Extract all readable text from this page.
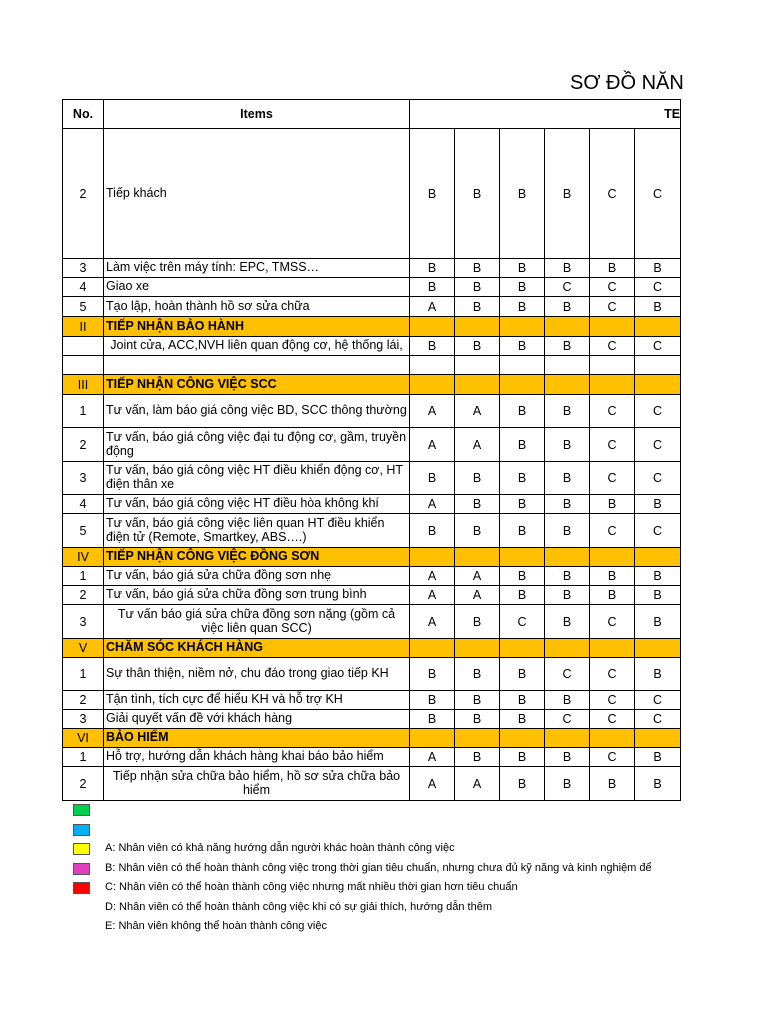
SƠ ĐỒ NĂN
No.	Items	TE					
2	Tiếp khách	B	B	B	B	C	C
3	Làm việc trên máy tính: EPC, TMSS…	B	B	B	B	B	B
4	Giao xe	B	B	B	C	C	C
5	Tạo lập, hoàn thành hồ sơ sửa chữa	A	B	B	B	C	B
II	TIẾP NHẬN BẢO HÀNH						

	Joint cửa, ACC,NVH liên quan động cơ, hệ thống lái,	B	B	B	B	C	C

III	TIẾP NHẬN CÔNG VIỆC SCC						
1	Tư vấn, làm báo giá công việc BD, SCC thông thường	A	A	B	B	C	C
2	Tư vấn, báo giá công việc đại tu động cơ, gầm, truyền động	A	A	B	B	C	C
3	Tư vấn, báo giá công việc HT điều khiển động cơ, HT điện thân xe	B	B	B	B	C	C
4	Tư vấn, báo giá công việc HT điều hòa không khí	A	B	B	B	B	B
5	Tư vấn, báo giá công việc liên quan HT điều khiển điện tử (Remote, Smartkey, ABS….)	B	B	B	B	C	C
IV	TIẾP NHẬN CÔNG VIỆC ĐỒNG SƠN						
1	Tư vấn, báo giá sửa chữa đồng sơn nhẹ	A	A	B	B	B	B
2	Tư vấn, báo giá sửa chữa đồng sơn trung bình	A	A	B	B	B	B
3	Tư vấn báo giá sửa chữa đồng sơn nặng (gồm cả việc liên quan SCC)	A	B	C	B	C	B
V	CHĂM SÓC KHÁCH HÀNG						
1	Sự thân thiện, niềm nở, chu đáo trong giao tiếp KH	B	B	B	C	C	B
2	Tận tình, tích cực để hiểu KH và hỗ trợ KH	B	B	B	B	C	C
3	Giải quyết vấn đề với khách hàng	B	B	B	C	C	C
VI	BẢO HIỂM						
1	Hỗ trợ, hướng dẫn khách hàng khai báo bảo hiểm	A	B	B	B	C	B
2	Tiếp nhận sửa chữa bảo hiểm, hồ sơ sửa chữa bảo hiểm	A	A	B	B	B	B
A: Nhân viên có khả năng hướng dẫn người khác hoàn thành công việc
B: Nhân viên có thể hoàn thành công việc trong thời gian tiêu chuẩn, nhưng chưa đủ kỹ năng và kinh nghiệm để
C: Nhân viên có thể hoàn thành công việc nhưng mất nhiều thời gian hơn tiêu chuẩn
D: Nhân viên có thể hoàn thành công việc khi có sự giải thích, hướng dẫn thêm
E: Nhân viên không thể hoàn thành công việc
